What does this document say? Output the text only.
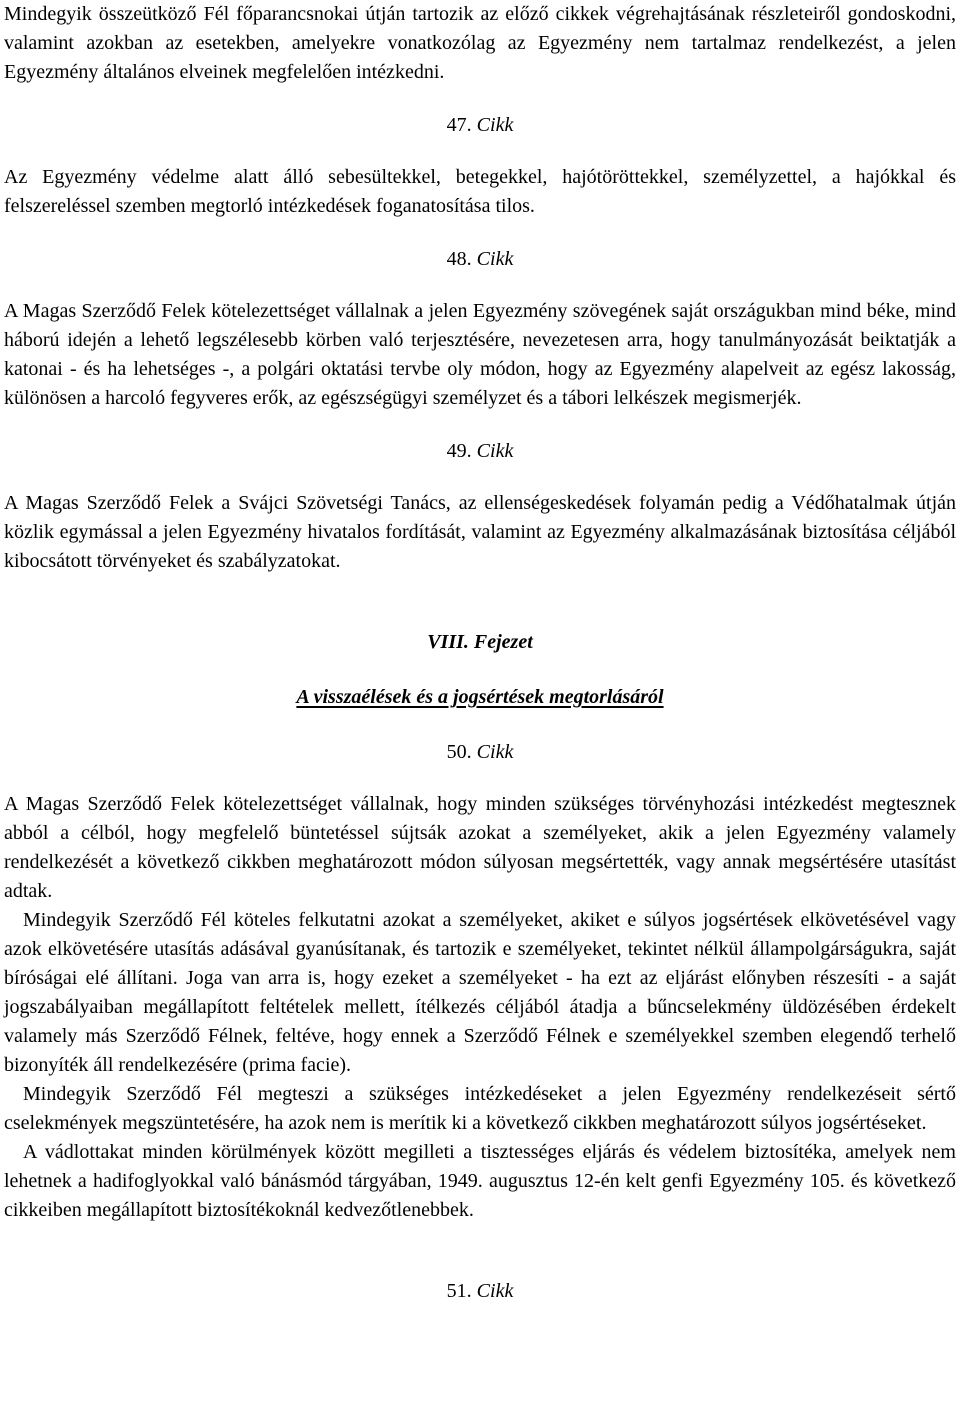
Mindegyik összeütköző Fél főparancsnokai útján tartozik az előző cikkek végrehajtásának részleteiről gondoskodni, valamint azokban az esetekben, amelyekre vonatkozólag az Egyezmény nem tartalmaz rendelkezést, a jelen Egyezmény általános elveinek megfelelően intézkedni.

47. Cikk

Az Egyezmény védelme alatt álló sebesültekkel, betegekkel, hajótöröttekkel, személyzettel, a hajókkal és felszereléssel szemben megtorló intézkedések foganatosítása tilos.

48. Cikk

A Magas Szerződő Felek kötelezettséget vállalnak a jelen Egyezmény szövegének saját országukban mind béke, mind háború idején a lehető legszélesebb körben való terjesztésére, nevezetesen arra, hogy tanulmányozását beiktatják a katonai - és ha lehetséges -, a polgári oktatási tervbe oly módon, hogy az Egyezmény alapelveit az egész lakosság, különösen a harcoló fegyveres erők, az egészségügyi személyzet és a tábori lelkészek megismerjék.

49. Cikk

A Magas Szerződő Felek a Svájci Szövetségi Tanács, az ellenségeskedések folyamán pedig a Védőhatalmak útján közlik egymással a jelen Egyezmény hivatalos fordítását, valamint az Egyezmény alkalmazásának biztosítása céljából kibocsátott törvényeket és szabályzatokat.

VIII. Fejezet
A visszaélések és a jogsértések megtorlásáról
50. Cikk

A Magas Szerződő Felek kötelezettséget vállalnak, hogy minden szükséges törvényhozási intézkedést megtesznek abból a célból, hogy megfelelő büntetéssel sújtsák azokat a személyeket, akik a jelen Egyezmény valamely rendelkezését a következő cikkben meghatározott módon súlyosan megsértették, vagy annak megsértésére utasítást adtak.

Mindegyik Szerződő Fél köteles felkutatni azokat a személyeket, akiket e súlyos jogsértések elkövetésével vagy azok elkövetésére utasítás adásával gyanúsítanak, és tartozik e személyeket, tekintet nélkül állampolgárságukra, saját bíróságai elé állítani. Joga van arra is, hogy ezeket a személyeket - ha ezt az eljárást előnyben részesíti - a saját jogszabályaiban megállapított feltételek mellett, ítélkezés céljából átadja a bűncselekmény üldözésében érdekelt valamely más Szerződő Félnek, feltéve, hogy ennek a Szerződő Félnek e személyekkel szemben elegendő terhelő bizonyíték áll rendelkezésére (prima facie).

Mindegyik Szerződő Fél megteszi a szükséges intézkedéseket a jelen Egyezmény rendelkezéseit sértő cselekmények megszüntetésére, ha azok nem is merítik ki a következő cikkben meghatározott súlyos jogsértéseket.

A vádlottakat minden körülmények között megilleti a tisztességes eljárás és védelem biztosítéka, amelyek nem lehetnek a hadifoglyokkal való bánásmód tárgyában, 1949. augusztus 12-én kelt genfi Egyezmény 105. és következő cikkeiben megállapított biztosítékoknál kedvezőtlenebbek.

51. Cikk
